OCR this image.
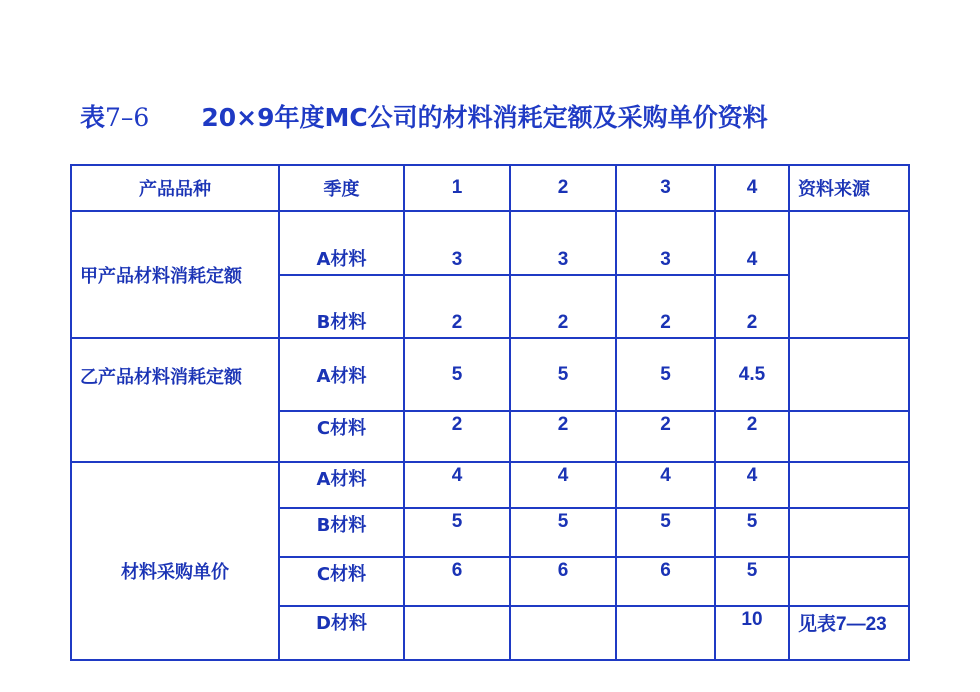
表7–6 20×9年度MC公司的材料消耗定额及采购单价资料
产品品种	季度	1	2	3	4	资料来源
甲产品材料消耗定额	A材料	3	3	3	4	
	B材料	2	2	2	2	
乙产品材料消耗定额	A材料	5	5	5	4.5	
	C材料	2	2	2	2	
材料采购单价	A材料	4	4	4	4	
	B材料	5	5	5	5	
	C材料	6	6	6	5	
	D材料				10	见表7—23
